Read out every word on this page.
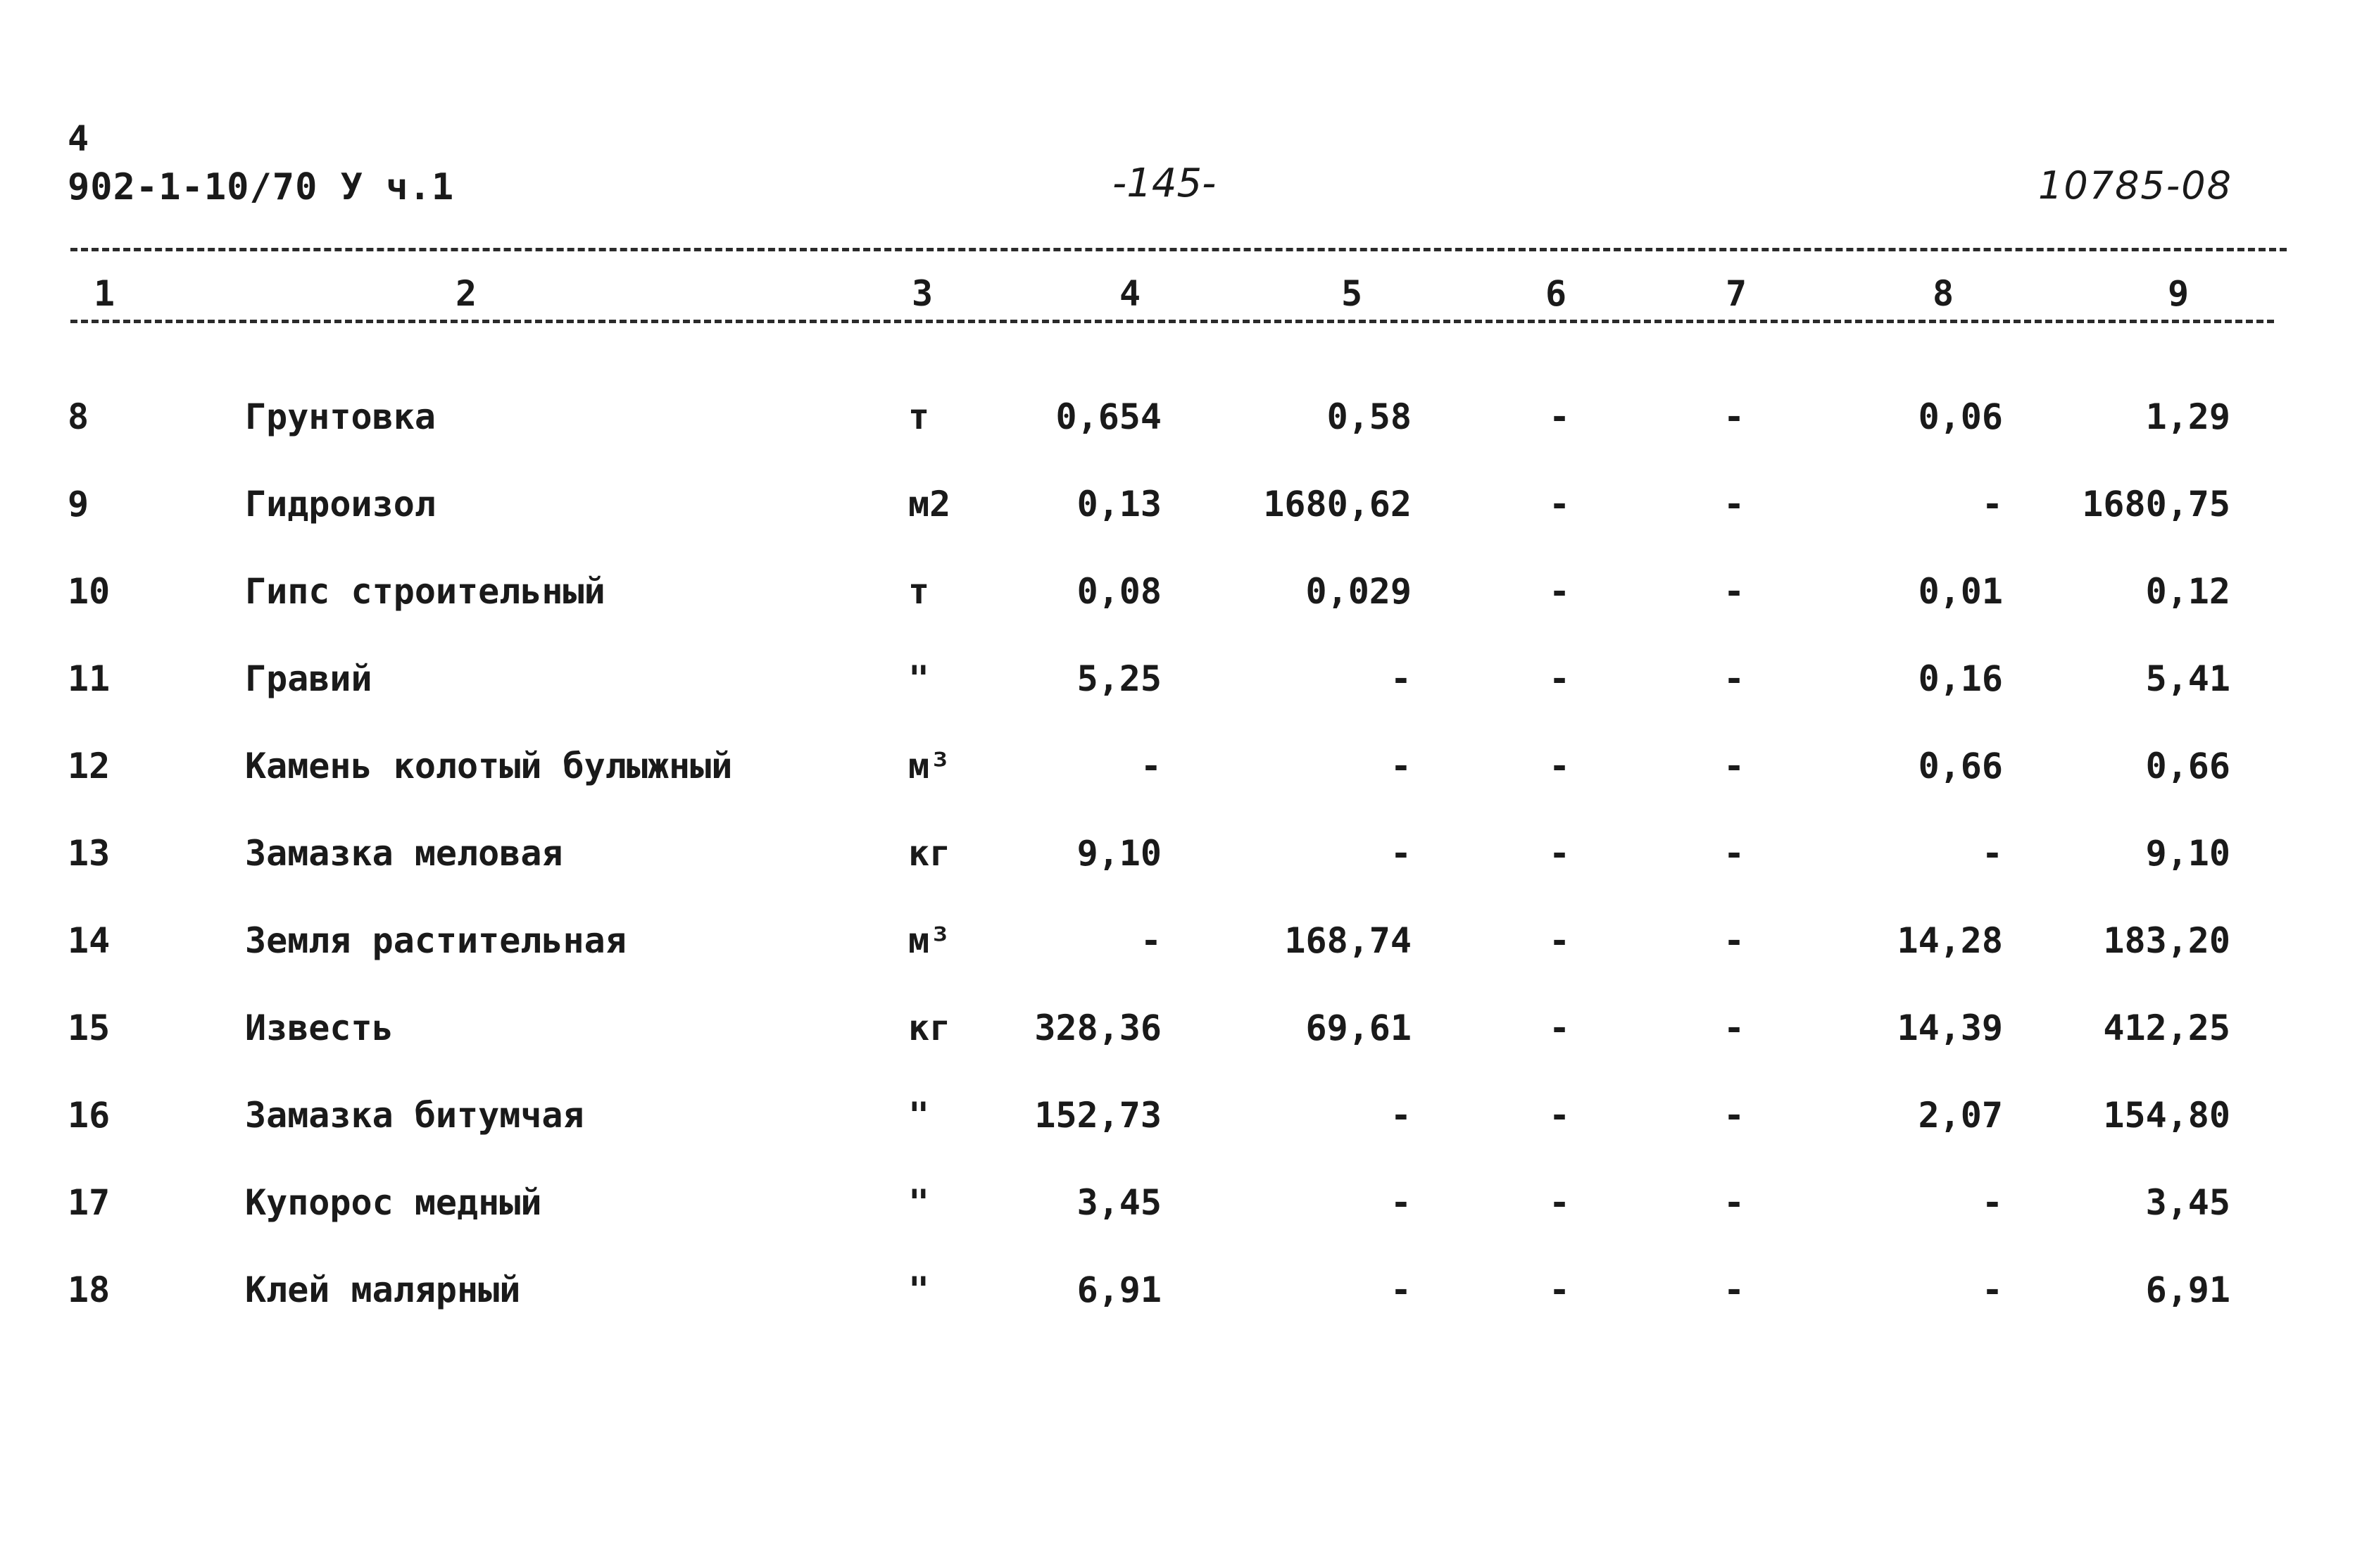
4
902-1-10/70 У ч.1	-145-	10785-08
1	2	3	4	5	6	7	8	9
8	Грунтовка	т	0,654	0,58	-	-	0,06	1,29
9	Гидроизол	м2	0,13	1680,62	-	-	- 1680,75
10	Гипс строительный	т	0,08	0,029	-	-	0,01	0,12
11	Гравий	"	5,25	-	-	-	0,16	5,41
12	Камень колотый булыжный	м³	-	-	-	-	0,66	0,66
13	Замазка меловая	кг	9,10	-	-	-	-	9,10
14	Земля растительная	м³	-	168,74	-	-	14,28	183,20
15	Известь	кг 328,36	69,61	-	-	14,39	412,25
16	Замазка битумчая	"	152,73	-	-	-	2,07	154,80
17	Купорос медный	"	3,45	-	-	-	-	3,45
18	Клей малярный	"	6,91	-	-	-	-	6,91
